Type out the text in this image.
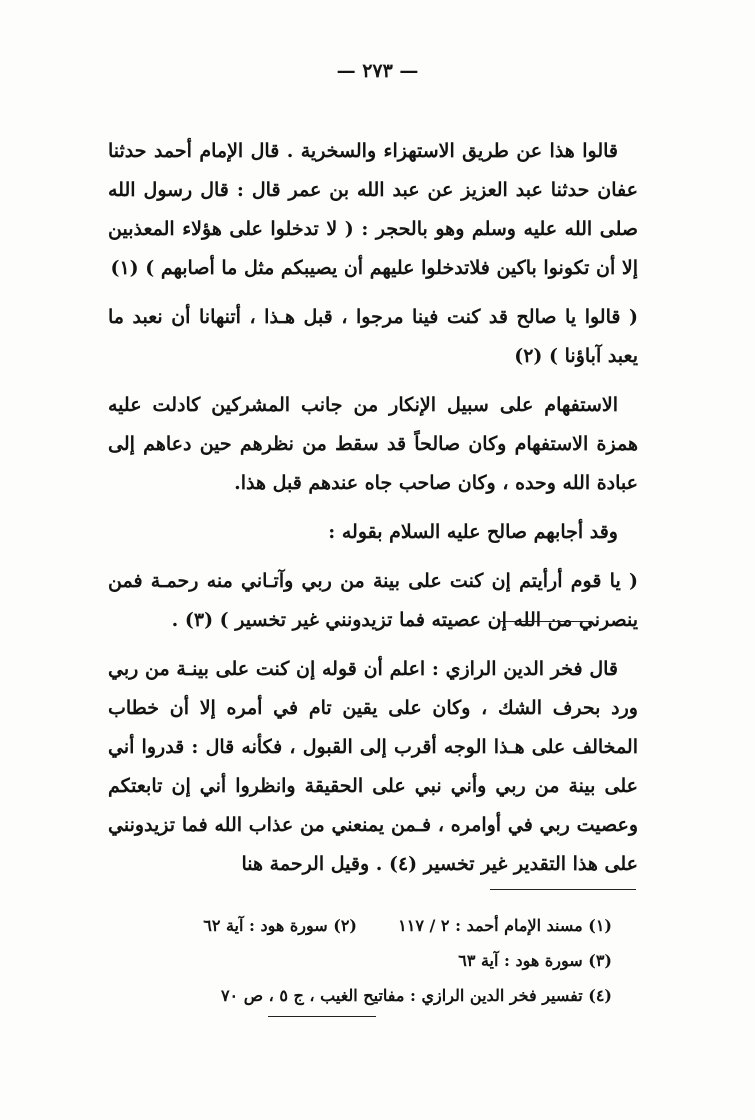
— ٢٧٣ —

قالوا هذا عن طريق الاستهزاء والسخرية . قال الإمام أحمد حدثنا عفان حدثنا عبد العزيز عن عبد الله بن عمر قال : قال رسول الله صلى الله عليه وسلم وهو بالحجر : ( لا تدخلوا على هؤلاء المعذبين إلا أن تكونوا باكين فلاتدخلوا عليهم أن يصيبكم مثل ما أصابهم ) (١)

( قالوا يا صالح قد كنت فينا مرجوا ، قبل هـذا ، أتنهانا أن نعبد ما يعبد آباؤنا ) (٢)

الاستفهام على سبيل الإنكار من جانب المشركين كادلت عليه همزة الاستفهام وكان صالحاً قد سقط من نظرهم حين دعاهم إلى عبادة الله وحده ، وكان صاحب جاه عندهم قبل هذا.

وقد أجابهم صالح عليه السلام بقوله :

( يا قوم أرأيتم إن كنت على بينة من ربي وآتـاني منه رحمـة فمن ينصرني من الله إن عصيته فما تزيدونني غير تخسير ) (٣) .

قال فخر الدين الرازي : اعلم أن قوله إن كنت على بينـة من ربي ورد بحرف الشك ، وكان على يقين تام في أمره إلا أن خطاب المخالف على هـذا الوجه أقرب إلى القبول ، فكأنه قال : قدروا أني على بينة من ربي وأني نبي على الحقيقة وانظروا أني إن تابعتكم وعصيت ربي في أوامره ، فـمن يمنعني من عذاب الله فما تزيدونني على هذا التقدير غير تخسير (٤) . وقيل الرحمة هنا

(١) مسند الإمام أحمد : ٢ / ١١٧(٢) سورة هود : آية ٦٢
(٣) سورة هود : آية ٦٣
(٤) تفسير فخر الدين الرازي : مفاتيح الغيب ، ج ٥ ، ص ٧٠
